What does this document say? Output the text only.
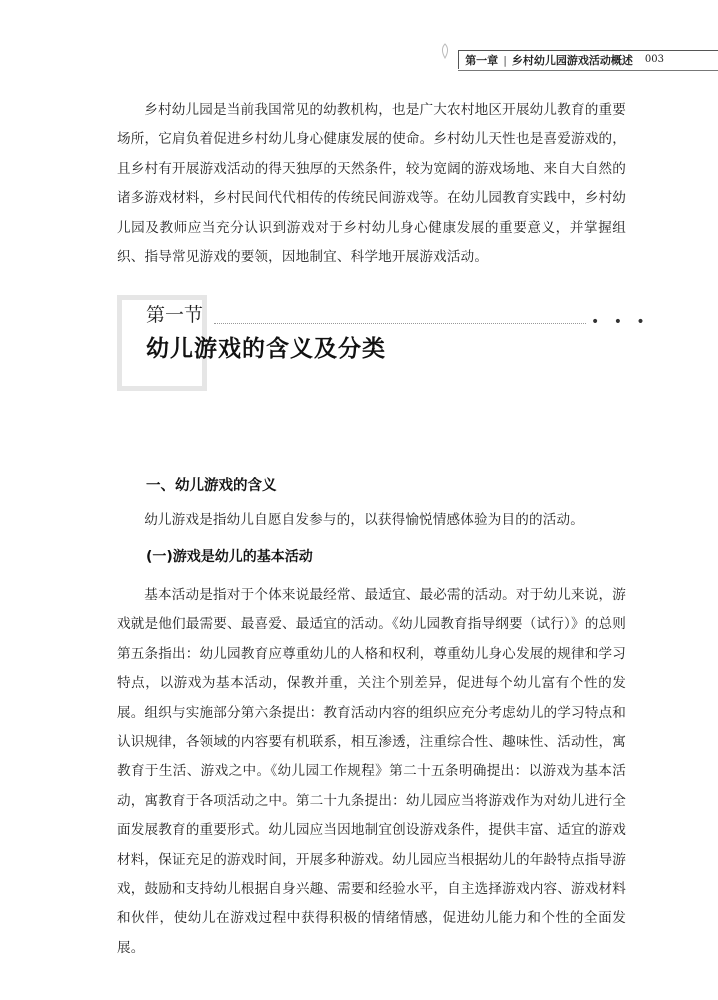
第一章 | 乡村幼儿园游戏活动概述	003

乡村幼儿园是当前我国常见的幼教机构，也是广大农村地区开展幼儿教育的重要场所，它肩负着促进乡村幼儿身心健康发展的使命。乡村幼儿天性也是喜爱游戏的，且乡村有开展游戏活动的得天独厚的天然条件，较为宽阔的游戏场地、来自大自然的诸多游戏材料，乡村民间代代相传的传统民间游戏等。在幼儿园教育实践中，乡村幼儿园及教师应当充分认识到游戏对于乡村幼儿身心健康发展的重要意义，并掌握组织、指导常见游戏的要领，因地制宜、科学地开展游戏活动。

第一节	• • •
幼儿游戏的含义及分类
一、幼儿游戏的含义

幼儿游戏是指幼儿自愿自发参与的，以获得愉悦情感体验为目的的活动。

(一)游戏是幼儿的基本活动

基本活动是指对于个体来说最经常、最适宜、最必需的活动。对于幼儿来说，游戏就是他们最需要、最喜爱、最适宜的活动。《幼儿园教育指导纲要（试行）》的总则第五条指出：幼儿园教育应尊重幼儿的人格和权利，尊重幼儿身心发展的规律和学习特点，以游戏为基本活动，保教并重，关注个别差异，促进每个幼儿富有个性的发展。组织与实施部分第六条提出：教育活动内容的组织应充分考虑幼儿的学习特点和认识规律，各领域的内容要有机联系，相互渗透，注重综合性、趣味性、活动性，寓教育于生活、游戏之中。《幼儿园工作规程》第二十五条明确提出：以游戏为基本活动，寓教育于各项活动之中。第二十九条提出：幼儿园应当将游戏作为对幼儿进行全面发展教育的重要形式。幼儿园应当因地制宜创设游戏条件，提供丰富、适宜的游戏材料，保证充足的游戏时间，开展多种游戏。幼儿园应当根据幼儿的年龄特点指导游戏，鼓励和支持幼儿根据自身兴趣、需要和经验水平，自主选择游戏内容、游戏材料和伙伴，使幼儿在游戏过程中获得积极的情绪情感，促进幼儿能力和个性的全面发展。
